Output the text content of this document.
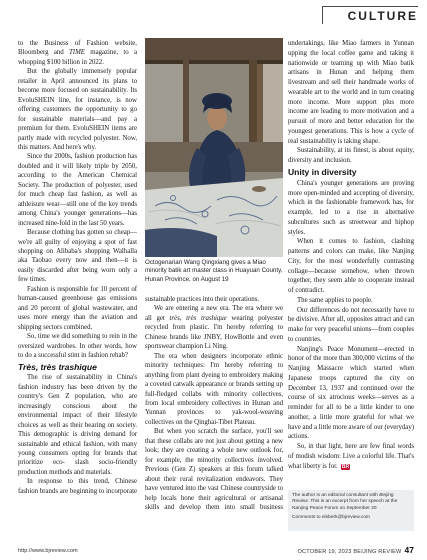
CULTURE

to the Business of Fashion website, Bloomberg and TIME magazine, to a whopping $100 billion in 2022.

But the globally immensely popular retailer in April announced its plans to become more focused on sustainability. Its EvoluSHEIN line, for instance, is now offering customers the opportunity to go for sustainable materials—and pay a premium for them. EvoluSHEIN items are partly made with recycled polyester. Now, this matters. And here's why.

Since the 2000s, fashion production has doubled and it will likely triple by 2050, according to the American Chemical Society. The production of polyester, used for much cheap fast fashion, as well as athleisure wear—still one of the key trends among China's younger generations—has increased nine-fold in the last 50 years.

Because clothing has gotten so cheap—we're all guilty of enjoying a spot of fast shopping on Alibaba's shopping Walhalla aka Taobao every now and then—it is easily discarded after being worn only a few times.

Fashion is responsible for 10 percent of human-caused greenhouse gas emissions and 20 percent of global wastewater, and uses more energy than the aviation and shipping sectors combined.

So, time we did something to rein in the oversized wardrobes. In other words, how to do a successful stint in fashion rehab?

Très, très trashique

The rise of sustainability in China's fashion industry has been driven by the country's Gen Z population, who are increasingly conscious about the environmental impact of their lifestyle choices as well as their bearing on society. This demographic is driving demand for sustainable and ethical fashion, with many young consumers opting for brands that prioritize eco- slash socio-friendly production methods and materials.

In response to this trend, Chinese fashion brands are beginning to incorporate

Octogenarian Wang Qingxiang gives a Miao minority batik art master class in Huayuan County, Hunan Province, on August 19

sustainable practices into their operations.

We are entering a new era. The era where we all get très, très trashique wearing polyester recycled from plastic. I'm hereby referring to Chinese brands like JNBY, HowBottle and even sportswear champion Li Ning.

The era when designers incorporate ethnic minority techniques: I'm hereby referring to anything from plant dyeing to embroidery making a coveted catwalk appearance or brands setting up full-fledged collabs with minority collectives, from local embroidery collectives in Hunan and Yunnan provinces to yak-wool-weaving collectives on the Qinghai-Tibet Plateau.

But when you scratch the surface, you'll see that these collabs are not just about getting a new look; they are creating a whole new outlook for, for example, the minority collectives involved. Previous (Gen Z) speakers at this forum talked about their rural revitalization endeavors. They have ventured into the vast Chinese countryside to help locals hone their agricultural or artisanal skills and develop them into small business

undertakings, like Miao farmers in Yunnan upping the local coffee game and taking it nationwide or teaming up with Miao batik artisans in Hunan and helping them livestream and sell their handmade works of wearable art to the world and in turn creating more income. More support plus more income are leading to more motivation and a pursuit of more and better education for the youngest generations. This is how a cycle of real sustainability is taking shape.

Sustainability, at its finest, is about equity, diversity and inclusion.

Unity in diversity

China's younger generations are proving more open-minded and accepting of diversity, which in the fashionable framework has, for example, led to a rise in alternative subcultures such as streetwear and hiphop styles.

When it comes to fashion, clashing patterns and colors can make, like Nanjing City, for the most wonderfully contrasting collage—because somehow, when thrown together, they seem able to cooperate instead of contradict.

The same applies to people.

Our differences do not necessarily have to be divisive. After all, opposites attract and can make for very peaceful unions—from couples to countries.

Nanjing's Peace Monument—erected in honor of the more than 300,000 victims of the Nanjing Massacre which started when Japanese troops captured the city on December 13, 1937 and continued over the course of six atrocious weeks—serves as a reminder for all to be a little kinder to one another, a little more grateful for what we have and a little more aware of our (everyday) actions.

So, in that light, here are few final words of modish wisdom: Live a colorful life. That's what liberty is for. BR

The author is an editorial consultant with Beijing Review. This is an excerpt from her speech at the Nanjing Peace Forum on September 20
Comments to elsbeth@bjreview.com
http://www.bjreview.com	OCTOBER 19, 2023 BEIJING REVIEW 47
